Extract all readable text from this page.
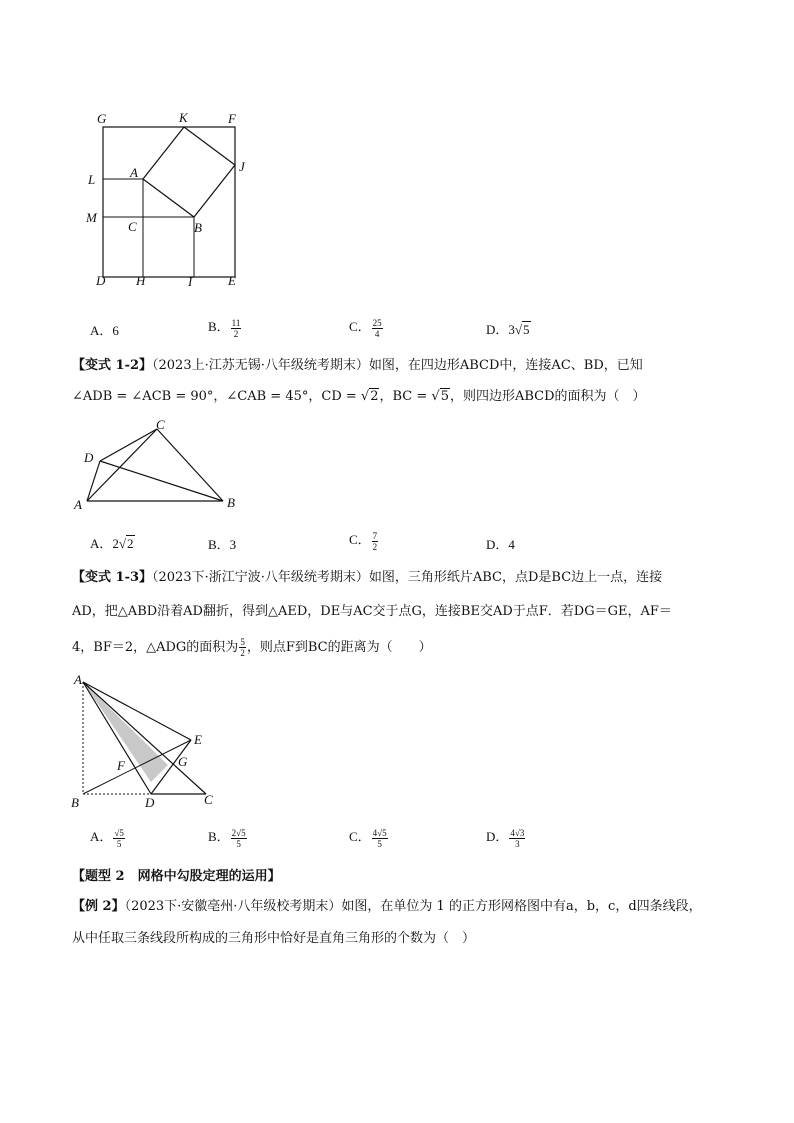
G	K	F
J
L	A
M
C	B
D H	I	E
A．6	B． $\frac{11}{2}$	C． $\frac{25}{4}$	D．3√5
【变式 1-2】（2023上·江苏无锡·八年级统考期末）如图，在四边形ABCD中，连接AC、BD，已知
∠ADB = ∠ACB = 90°，∠CAB = 45°，CD = √2，BC = √5，则四边形ABCD的面积为（　）
C
D
A	B
A．2√2	B．3	C． $\frac{7}{2}$	D．4
【变式 1-3】（2023下·浙江宁波·八年级统考期末）如图，三角形纸片ABC，点D是BC边上一点，连接
AD，把△ABD沿着AD翻折，得到△AED，DE与AC交于点G，连接BE交AD于点F．若DG＝GE，AF＝
4，BF＝2，△ADG的面积为 $\frac{5}{2}$ ，则点F到BC的距离为（　　）
A
E
F	G
B	D	C
A． $\frac{√5}{5}$	B． $\frac{2√5}{5}$	C． $\frac{4√5}{5}$	D． $\frac{4√3}{3}$
【题型 2　网格中勾股定理的运用】
【例 2】（2023下·安徽亳州·八年级校考期末）如图，在单位为 1 的正方形网格图中有a，b，c，d四条线段，
从中任取三条线段所构成的三角形中恰好是直角三角形的个数为（　）
